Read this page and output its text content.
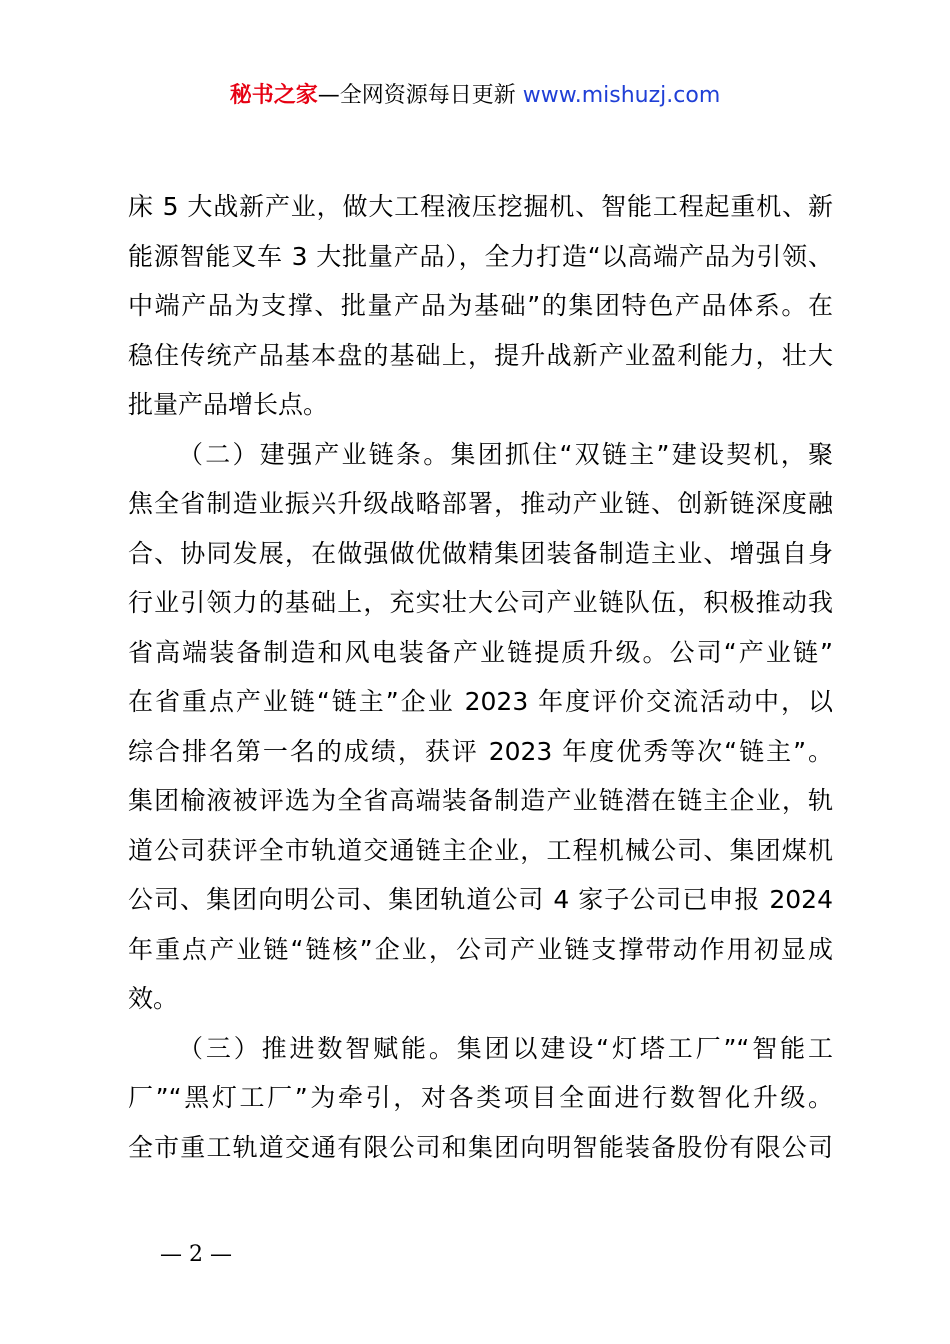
秘书之家—全网资源每日更新 www.mishuzj.com
床 5 大战新产业，做大工程液压挖掘机、智能工程起重机、新
能源智能叉车 3 大批量产品），全力打造“以高端产品为引领、
中端产品为支撑、批量产品为基础”的集团特色产品体系。在
稳住传统产品基本盘的基础上，提升战新产业盈利能力，壮大
批量产品增长点。
（二）建强产业链条。集团抓住“双链主”建设契机，聚
焦全省制造业振兴升级战略部署，推动产业链、创新链深度融
合、协同发展，在做强做优做精集团装备制造主业、增强自身
行业引领力的基础上，充实壮大公司产业链队伍，积极推动我
省高端装备制造和风电装备产业链提质升级。公司“产业链”
在省重点产业链“链主”企业 2023 年度评价交流活动中，以
综合排名第一名的成绩，获评 2023 年度优秀等次“链主”。
集团榆液被评选为全省高端装备制造产业链潜在链主企业，轨
道公司获评全市轨道交通链主企业，工程机械公司、集团煤机
公司、集团向明公司、集团轨道公司 4 家子公司已申报 2024
年重点产业链“链核”企业，公司产业链支撑带动作用初显成
效。
（三）推进数智赋能。集团以建设“灯塔工厂”“智能工
厂”“黑灯工厂”为牵引，对各类项目全面进行数智化升级。
全市重工轨道交通有限公司和集团向明智能装备股份有限公司
— 2 —
